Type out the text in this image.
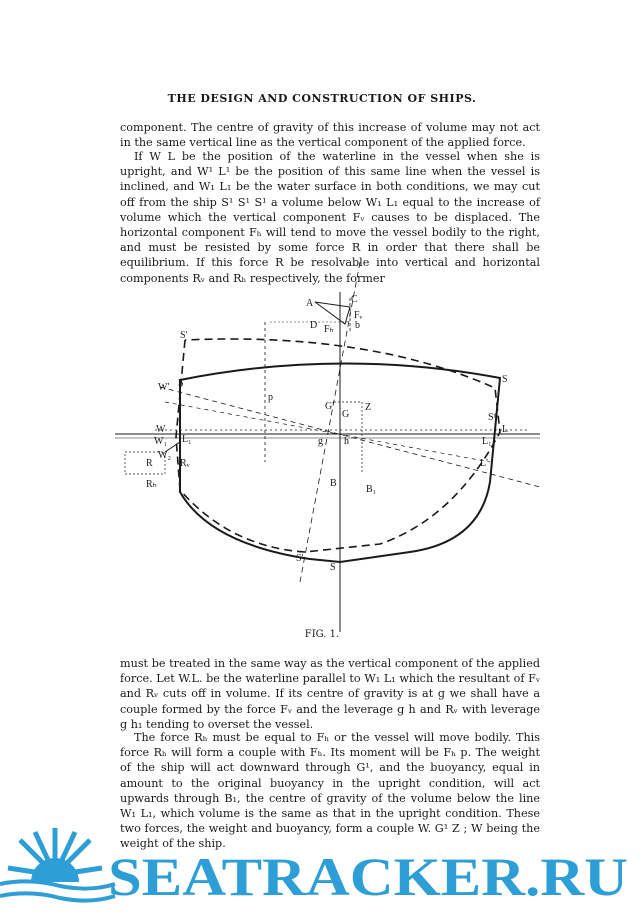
THE DESIGN AND CONSTRUCTION OF SHIPS.

component. The centre of gravity of this increase of volume may not act in the same vertical line as the vertical component of the applied force.

If W L be the position of the waterline in the vessel when she is upright, and W¹ L¹ be the position of this same line when the vessel is inclined, and W₁ L₁ be the water surface in both conditions, we may cut off from the ship S¹ S¹ S¹ a volume below W₁ L₁ equal to the increase of volume which the vertical component Fᵥ causes to be displaced. The horizontal component Fₕ will tend to move the vessel bodily to the right, and must be resisted by some force R in order that there shall be equilibrium. If this force R be resolvable into vertical and horizontal components Rᵥ and Rₕ respectively, the former

A	C
D Fₕ
Fᵥ
b
S'
S	S
W'
W
W₁
W₂
L₁
R	Rᵥ
Rₕ
p
G'
G
Z
g h	L₁
L
L'
S¹
B
B₁
S'
S
FIG. 1.

must be treated in the same way as the vertical component of the applied force. Let W.L. be the waterline parallel to W₁ L₁ which the resultant of Fᵥ and Rᵥ cuts off in volume. If its centre of gravity is at g we shall have a couple formed by the force Fᵥ and the leverage g h and Rᵥ with leverage g h₁ tending to overset the vessel.

The force Rₕ must be equal to Fₕ or the vessel will move bodily. This force Rₕ will form a couple with Fₕ. Its moment will be Fₕ p. The weight of the ship will act downward through G¹, and the buoyancy, equal in amount to the original buoyancy in the upright condition, will act upwards through B₁, the centre of gravity of the volume below the line W₁ L₁, which volume is the same as that in the upright condition. These two forces, the weight and buoyancy, form a couple W. G¹ Z ; W being the weight of the ship.

SEATRACKER.RU
